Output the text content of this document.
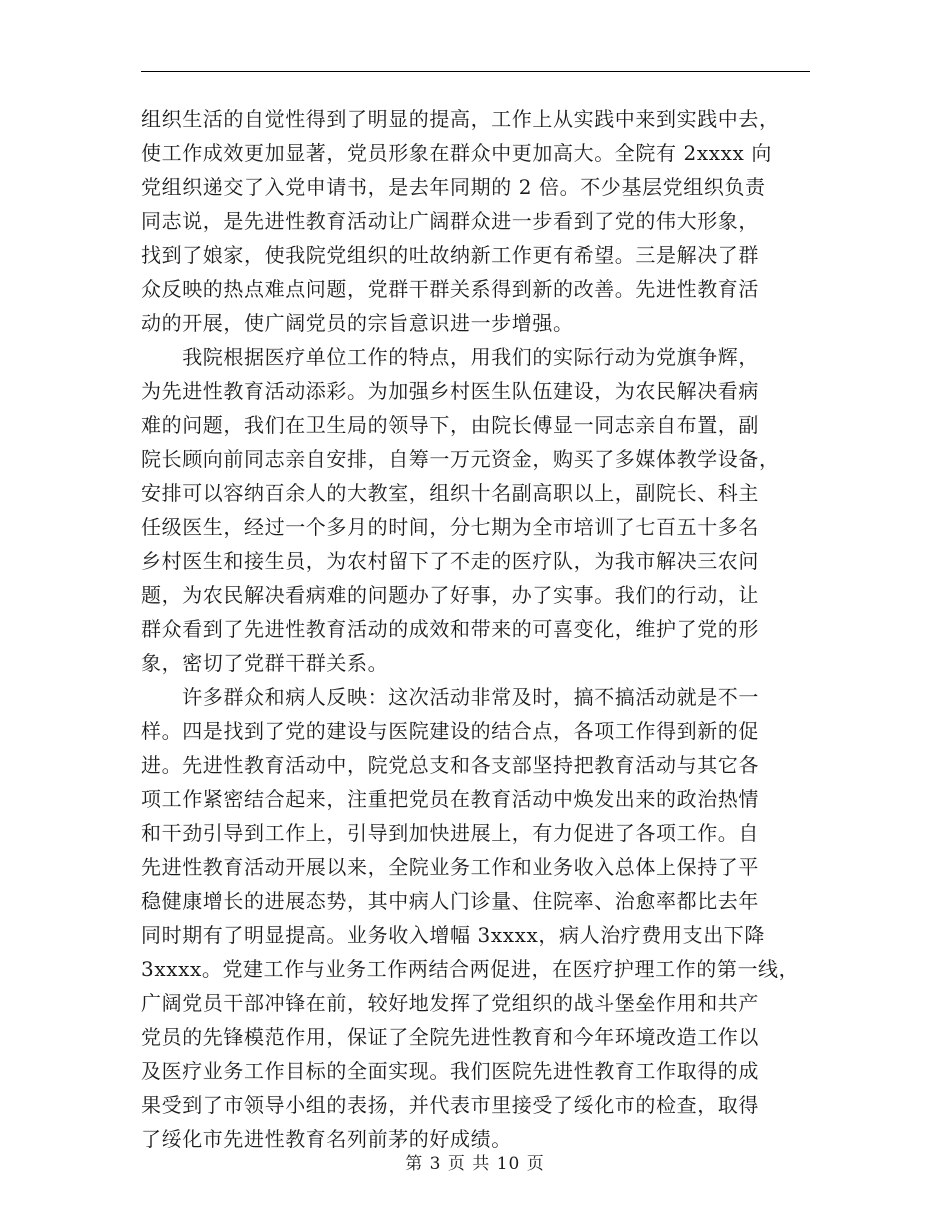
组织生活的自觉性得到了明显的提高，工作上从实践中来到实践中去，
使工作成效更加显著，党员形象在群众中更加高大。全院有 2xxxx 向
党组织递交了入党申请书，是去年同期的 2 倍。不少基层党组织负责
同志说，是先进性教育活动让广阔群众进一步看到了党的伟大形象，
找到了娘家，使我院党组织的吐故纳新工作更有希望。三是解决了群
众反映的热点难点问题，党群干群关系得到新的改善。先进性教育活
动的开展，使广阔党员的宗旨意识进一步增强。
　　我院根据医疗单位工作的特点，用我们的实际行动为党旗争辉，
为先进性教育活动添彩。为加强乡村医生队伍建设，为农民解决看病
难的问题，我们在卫生局的领导下，由院长傅显一同志亲自布置，副
院长顾向前同志亲自安排，自筹一万元资金，购买了多媒体教学设备，
安排可以容纳百余人的大教室，组织十名副高职以上，副院长、科主
任级医生，经过一个多月的时间，分七期为全市培训了七百五十多名
乡村医生和接生员，为农村留下了不走的医疗队，为我市解决三农问
题，为农民解决看病难的问题办了好事，办了实事。我们的行动，让
群众看到了先进性教育活动的成效和带来的可喜变化，维护了党的形
象，密切了党群干群关系。
　　许多群众和病人反映：这次活动非常及时，搞不搞活动就是不一
样。四是找到了党的建设与医院建设的结合点，各项工作得到新的促
进。先进性教育活动中，院党总支和各支部坚持把教育活动与其它各
项工作紧密结合起来，注重把党员在教育活动中焕发出来的政治热情
和干劲引导到工作上，引导到加快进展上，有力促进了各项工作。自
先进性教育活动开展以来，全院业务工作和业务收入总体上保持了平
稳健康增长的进展态势，其中病人门诊量、住院率、治愈率都比去年
同时期有了明显提高。业务收入增幅 3xxxx，病人治疗费用支出下降
3xxxx。党建工作与业务工作两结合两促进，在医疗护理工作的第一线，
广阔党员干部冲锋在前，较好地发挥了党组织的战斗堡垒作用和共产
党员的先锋模范作用，保证了全院先进性教育和今年环境改造工作以
及医疗业务工作目标的全面实现。我们医院先进性教育工作取得的成
果受到了市领导小组的表扬，并代表市里接受了绥化市的检查，取得
了绥化市先进性教育名列前茅的好成绩。
第 3 页 共 10 页
